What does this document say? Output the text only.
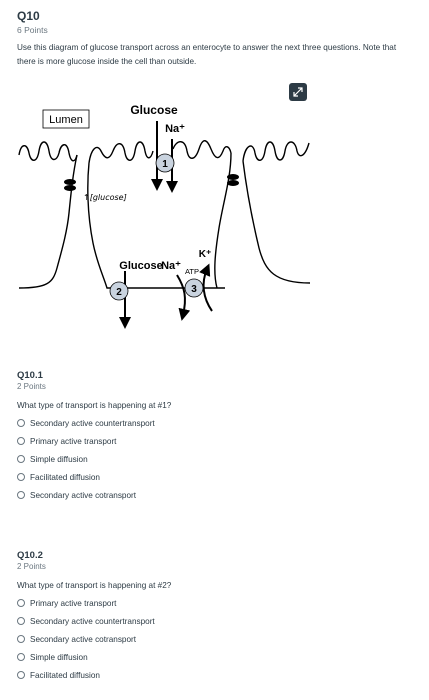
Q10
6 Points
Use this diagram of glucose transport across an enterocyte to answer the next three questions. Note that there is more glucose inside the cell than outside.
Lumen
Glucose
Na⁺
↑[glucose]
1
Glucose
Na⁺
K⁺
ATP
2	3
Q10.1
2 Points
What type of transport is happening at #1?
Secondary active countertransport
Primary active transport
Simple diffusion
Facilitated diffusion
Secondary active cotransport
Q10.2
2 Points
What type of transport is happening at #2?
Primary active transport
Secondary active countertransport
Secondary active cotransport
Simple diffusion
Facilitated diffusion
